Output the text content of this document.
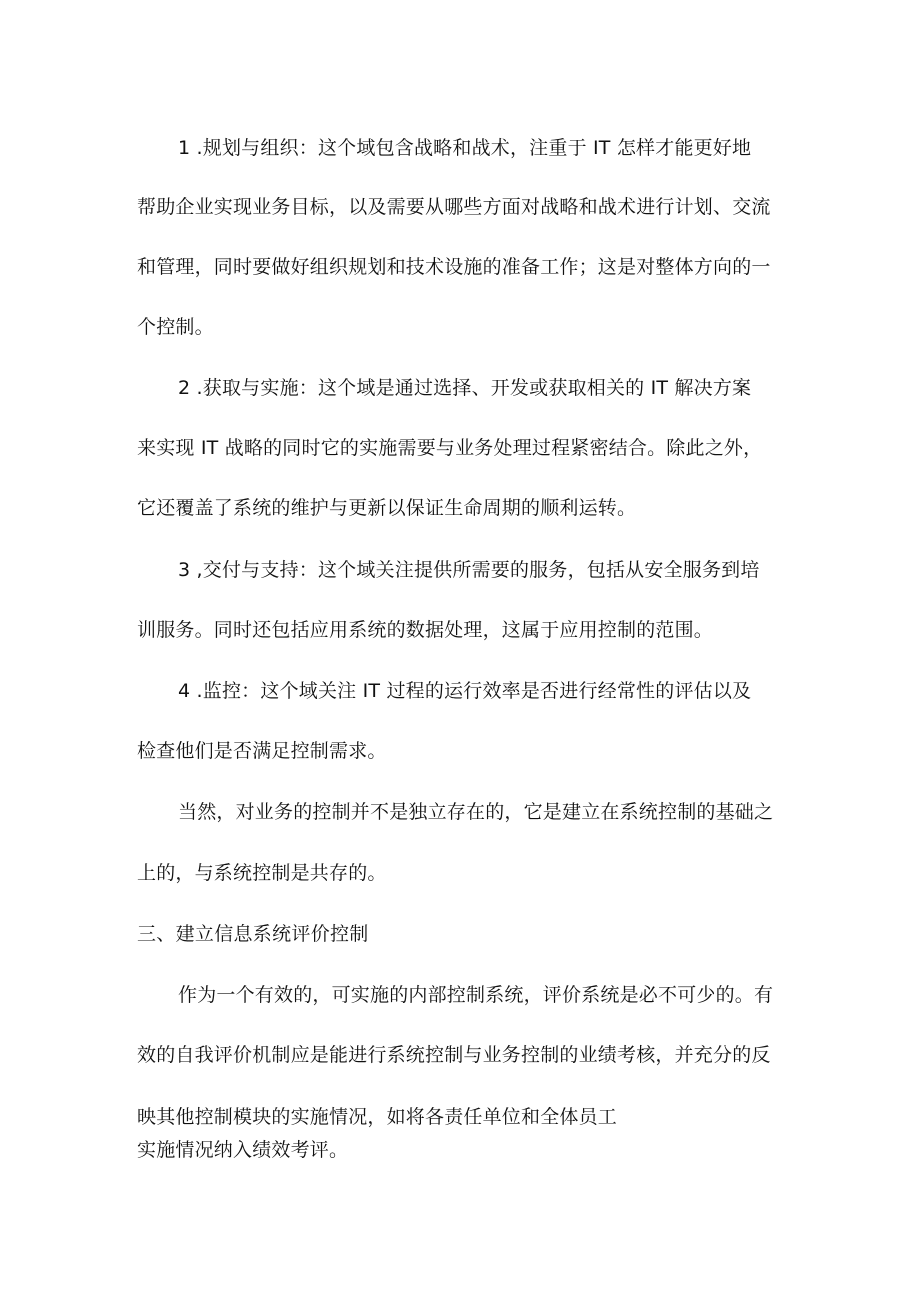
1 .规划与组织：这个域包含战略和战术，注重于 IT 怎样才能更好地
帮助企业实现业务目标，以及需要从哪些方面对战略和战术进行计划、交流
和管理，同时要做好组织规划和技术设施的准备工作；这是对整体方向的一
个控制。
2 .获取与实施：这个域是通过选择、开发或获取相关的 IT 解决方案
来实现 IT 战略的同时它的实施需要与业务处理过程紧密结合。除此之外，
它还覆盖了系统的维护与更新以保证生命周期的顺利运转。
3 ,交付与支持：这个域关注提供所需要的服务，包括从安全服务到培
训服务。同时还包括应用系统的数据处理，这属于应用控制的范围。
4 .监控：这个域关注 IT 过程的运行效率是否进行经常性的评估以及
检查他们是否满足控制需求。
当然，对业务的控制并不是独立存在的，它是建立在系统控制的基础之
上的，与系统控制是共存的。
三、建立信息系统评价控制
作为一个有效的，可实施的内部控制系统，评价系统是必不可少的。有
效的自我评价机制应是能进行系统控制与业务控制的业绩考核，并充分的反
映其他控制模块的实施情况，如将各责任单位和全体员工
实施情况纳入绩效考评。
